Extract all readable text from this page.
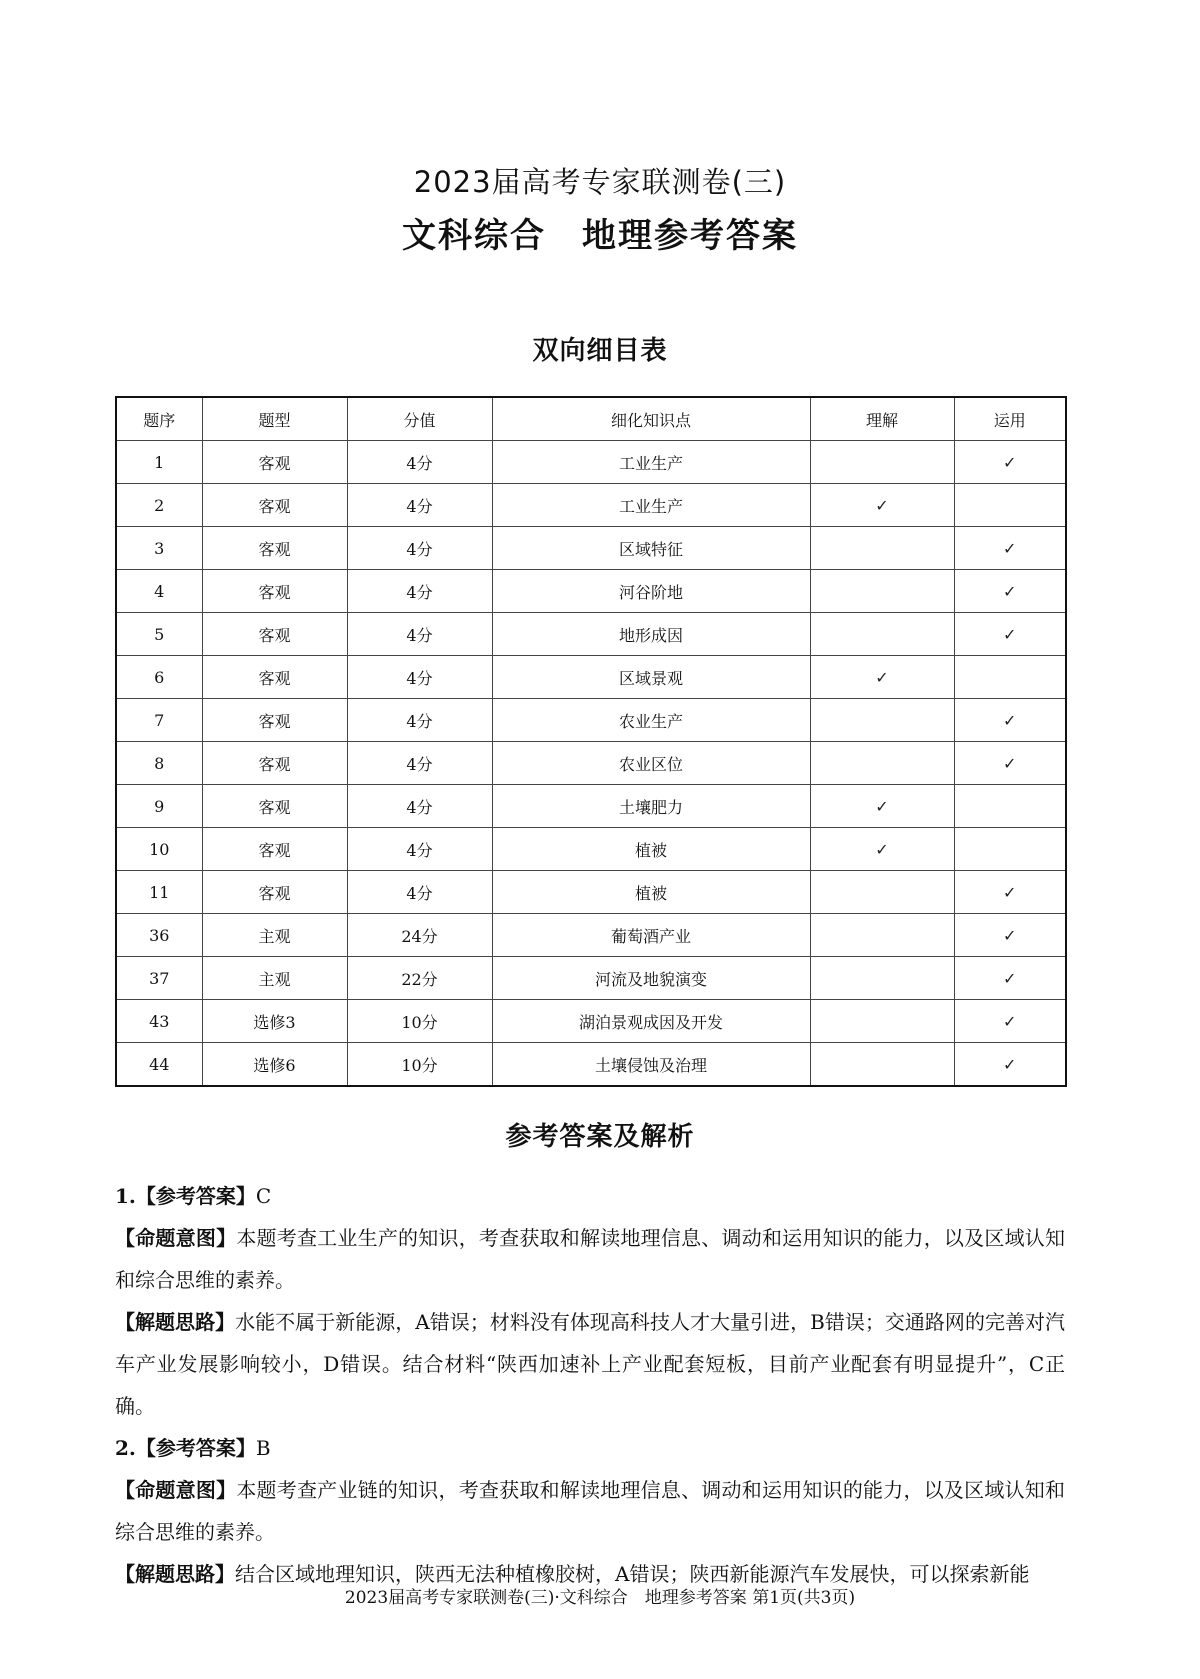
2023届高考专家联测卷(三)
文科综合　地理参考答案
双向细目表
题序	题型	分值	细化知识点	理解	运用
1	客观	4分	工业生产		✓
2	客观	4分	工业生产	✓	
3	客观	4分	区域特征		✓
4	客观	4分	河谷阶地		✓
5	客观	4分	地形成因		✓
6	客观	4分	区域景观	✓	
7	客观	4分	农业生产		✓
8	客观	4分	农业区位		✓
9	客观	4分	土壤肥力	✓	
10	客观	4分	植被	✓	
11	客观	4分	植被		✓
36	主观	24分	葡萄酒产业		✓
37	主观	22分	河流及地貌演变		✓
43	选修3	10分	湖泊景观成因及开发		✓
44	选修6	10分	土壤侵蚀及治理		✓
参考答案及解析

1.【参考答案】C

【命题意图】本题考查工业生产的知识，考查获取和解读地理信息、调动和运用知识的能力，以及区域认知和综合思维的素养。

【解题思路】水能不属于新能源，A错误；材料没有体现高科技人才大量引进，B错误；交通路网的完善对汽车产业发展影响较小，D错误。结合材料“陕西加速补上产业配套短板，目前产业配套有明显提升”，C正确。

2.【参考答案】B

【命题意图】本题考查产业链的知识，考查获取和解读地理信息、调动和运用知识的能力，以及区域认知和综合思维的素养。

【解题思路】结合区域地理知识，陕西无法种植橡胶树，A错误；陕西新能源汽车发展快，可以探索新能

2023届高考专家联测卷(三)·文科综合　地理参考答案 第1页(共3页)
